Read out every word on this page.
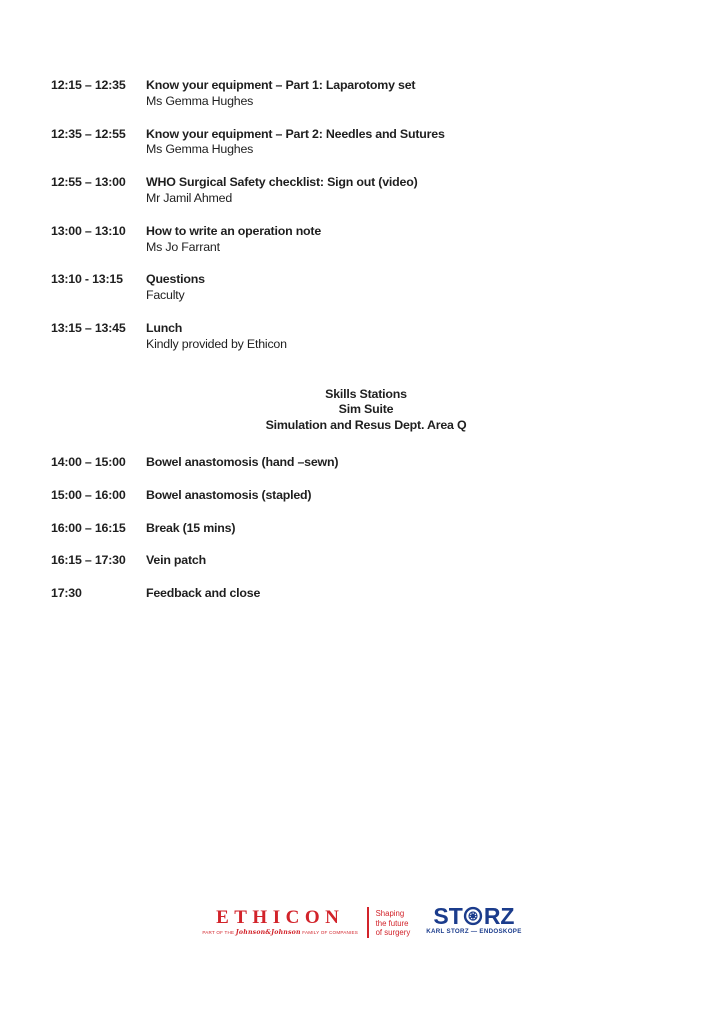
12:15 – 12:35	Know your equipment – Part 1: Laparotomy set
Ms Gemma Hughes
12:35 – 12:55	Know your equipment – Part 2: Needles and Sutures
Ms Gemma Hughes
12:55 – 13:00	WHO Surgical Safety checklist: Sign out (video)
Mr Jamil Ahmed
13:00 – 13:10	How to write an operation note
Ms Jo Farrant
13:10 - 13:15	Questions
Faculty
13:15 – 13:45	Lunch
Kindly provided by Ethicon
Skills Stations
Sim Suite
Simulation and Resus Dept. Area Q
14:00 – 15:00	Bowel anastomosis (hand –sewn)
15:00 – 16:00	Bowel anastomosis (stapled)
16:00 – 16:15	Break (15 mins)
16:15 – 17:30	Vein patch
17:30	Feedback and close
ETHICON
PART OF THE Johnson&Johnson FAMILY OF COMPANIES
Shaping
the future
of surgery
ST RZ
KARL STORZ — ENDOSKOPE
